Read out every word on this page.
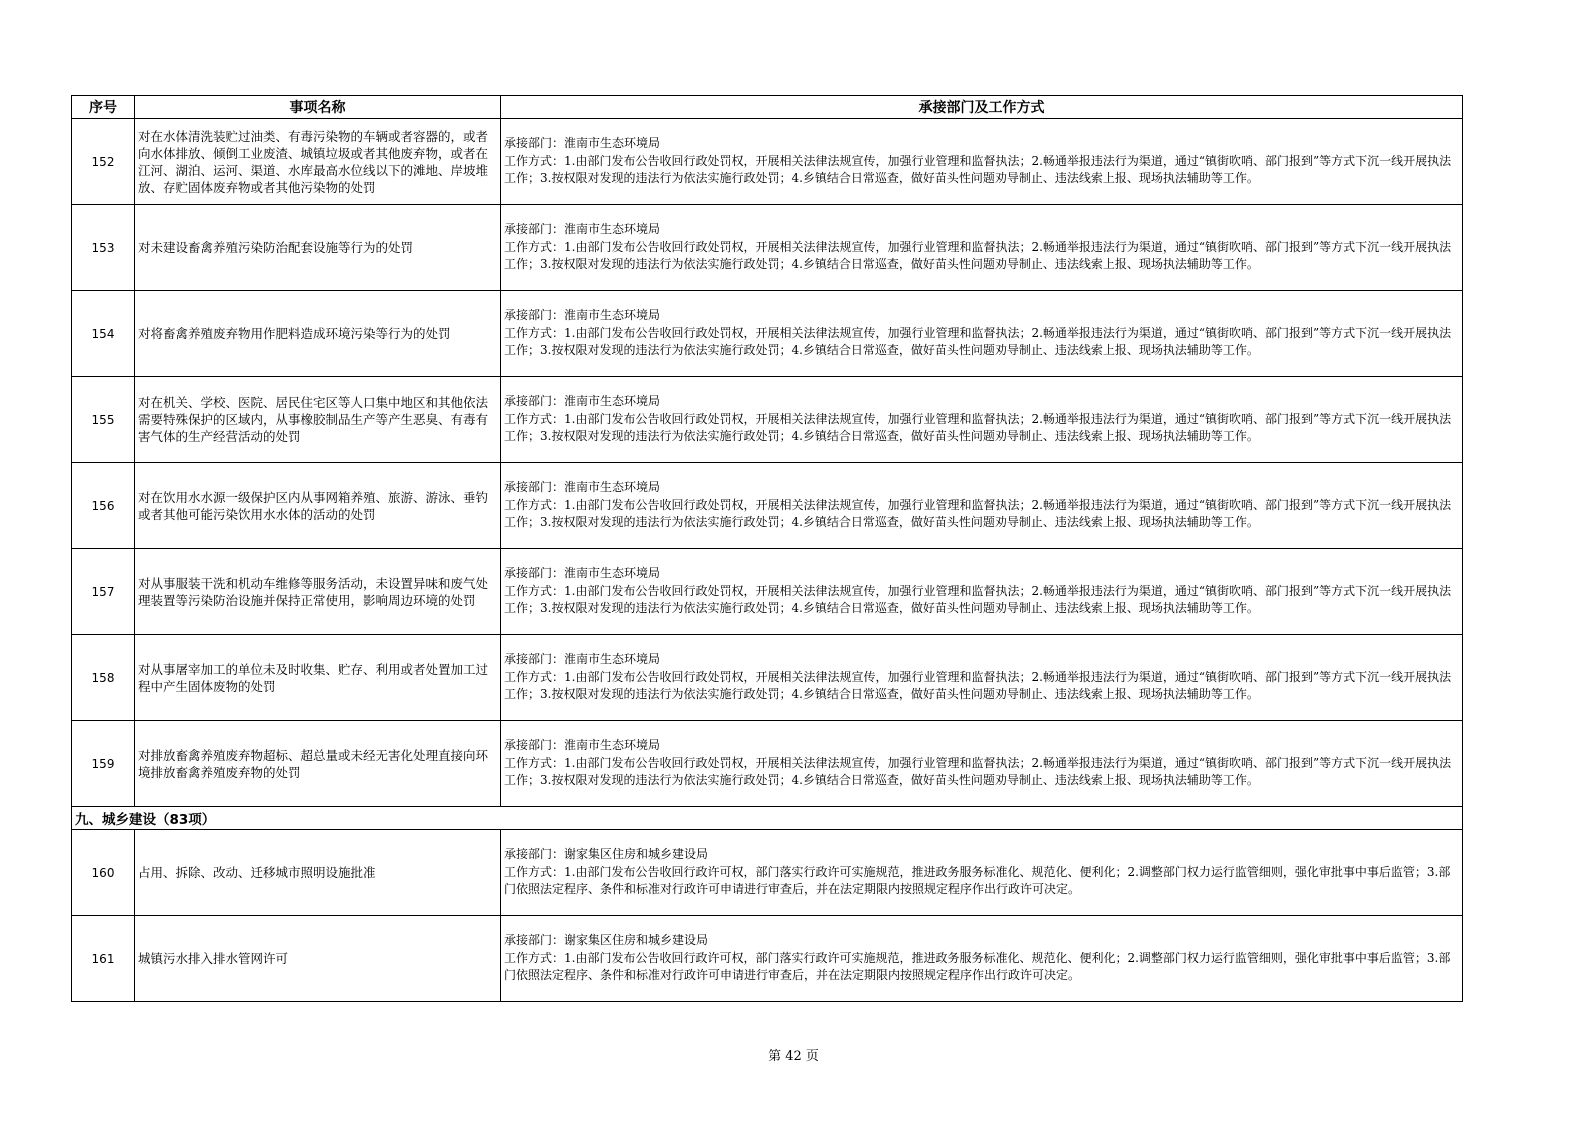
序号	事项名称	承接部门及工作方式
152	对在水体清洗装贮过油类、有毒污染物的车辆或者容器的，或者向水体排放、倾倒工业废渣、城镇垃圾或者其他废弃物，或者在江河、湖泊、运河、渠道、水库最高水位线以下的滩地、岸坡堆放、存贮固体废弃物或者其他污染物的处罚	承接部门：淮南市生态环境局
工作方式：1.由部门发布公告收回行政处罚权，开展相关法律法规宣传，加强行业管理和监督执法；2.畅通举报违法行为渠道，通过“镇街吹哨、部门报到”等方式下沉一线开展执法工作；3.按权限对发现的违法行为依法实施行政处罚；4.乡镇结合日常巡查，做好苗头性问题劝导制止、违法线索上报、现场执法辅助等工作。

153	对未建设畜禽养殖污染防治配套设施等行为的处罚	承接部门：淮南市生态环境局
工作方式：1.由部门发布公告收回行政处罚权，开展相关法律法规宣传，加强行业管理和监督执法；2.畅通举报违法行为渠道，通过“镇街吹哨、部门报到”等方式下沉一线开展执法工作；3.按权限对发现的违法行为依法实施行政处罚；4.乡镇结合日常巡查，做好苗头性问题劝导制止、违法线索上报、现场执法辅助等工作。

154	对将畜禽养殖废弃物用作肥料造成环境污染等行为的处罚	承接部门：淮南市生态环境局
工作方式：1.由部门发布公告收回行政处罚权，开展相关法律法规宣传，加强行业管理和监督执法；2.畅通举报违法行为渠道，通过“镇街吹哨、部门报到”等方式下沉一线开展执法工作；3.按权限对发现的违法行为依法实施行政处罚；4.乡镇结合日常巡查，做好苗头性问题劝导制止、违法线索上报、现场执法辅助等工作。

155	对在机关、学校、医院、居民住宅区等人口集中地区和其他依法需要特殊保护的区域内，从事橡胶制品生产等产生恶臭、有毒有害气体的生产经营活动的处罚	承接部门：淮南市生态环境局
工作方式：1.由部门发布公告收回行政处罚权，开展相关法律法规宣传，加强行业管理和监督执法；2.畅通举报违法行为渠道，通过“镇街吹哨、部门报到”等方式下沉一线开展执法工作；3.按权限对发现的违法行为依法实施行政处罚；4.乡镇结合日常巡查，做好苗头性问题劝导制止、违法线索上报、现场执法辅助等工作。

156	对在饮用水水源一级保护区内从事网箱养殖、旅游、游泳、垂钓或者其他可能污染饮用水水体的活动的处罚	承接部门：淮南市生态环境局
工作方式：1.由部门发布公告收回行政处罚权，开展相关法律法规宣传，加强行业管理和监督执法；2.畅通举报违法行为渠道，通过“镇街吹哨、部门报到”等方式下沉一线开展执法工作；3.按权限对发现的违法行为依法实施行政处罚；4.乡镇结合日常巡查，做好苗头性问题劝导制止、违法线索上报、现场执法辅助等工作。

157	对从事服装干洗和机动车维修等服务活动，未设置异味和废气处理装置等污染防治设施并保持正常使用，影响周边环境的处罚	承接部门：淮南市生态环境局
工作方式：1.由部门发布公告收回行政处罚权，开展相关法律法规宣传，加强行业管理和监督执法；2.畅通举报违法行为渠道，通过“镇街吹哨、部门报到”等方式下沉一线开展执法工作；3.按权限对发现的违法行为依法实施行政处罚；4.乡镇结合日常巡查，做好苗头性问题劝导制止、违法线索上报、现场执法辅助等工作。

158	对从事屠宰加工的单位未及时收集、贮存、利用或者处置加工过程中产生固体废物的处罚	承接部门：淮南市生态环境局
工作方式：1.由部门发布公告收回行政处罚权，开展相关法律法规宣传，加强行业管理和监督执法；2.畅通举报违法行为渠道，通过“镇街吹哨、部门报到”等方式下沉一线开展执法工作；3.按权限对发现的违法行为依法实施行政处罚；4.乡镇结合日常巡查，做好苗头性问题劝导制止、违法线索上报、现场执法辅助等工作。

159	对排放畜禽养殖废弃物超标、超总量或未经无害化处理直接向环境排放畜禽养殖废弃物的处罚	承接部门：淮南市生态环境局
工作方式：1.由部门发布公告收回行政处罚权，开展相关法律法规宣传，加强行业管理和监督执法；2.畅通举报违法行为渠道，通过“镇街吹哨、部门报到”等方式下沉一线开展执法工作；3.按权限对发现的违法行为依法实施行政处罚；4.乡镇结合日常巡查，做好苗头性问题劝导制止、违法线索上报、现场执法辅助等工作。

九、城乡建设（83项）		
160	占用、拆除、改动、迁移城市照明设施批准	承接部门：谢家集区住房和城乡建设局
工作方式：1.由部门发布公告收回行政许可权，部门落实行政许可实施规范，推进政务服务标准化、规范化、便利化；2.调整部门权力运行监管细则，强化审批事中事后监管；3.部门依照法定程序、条件和标准对行政许可申请进行审查后，并在法定期限内按照规定程序作出行政许可决定。

161	城镇污水排入排水管网许可	承接部门：谢家集区住房和城乡建设局
工作方式：1.由部门发布公告收回行政许可权，部门落实行政许可实施规范，推进政务服务标准化、规范化、便利化；2.调整部门权力运行监管细则，强化审批事中事后监管；3.部门依照法定程序、条件和标准对行政许可申请进行审查后，并在法定期限内按照规定程序作出行政许可决定。
第 42 页
